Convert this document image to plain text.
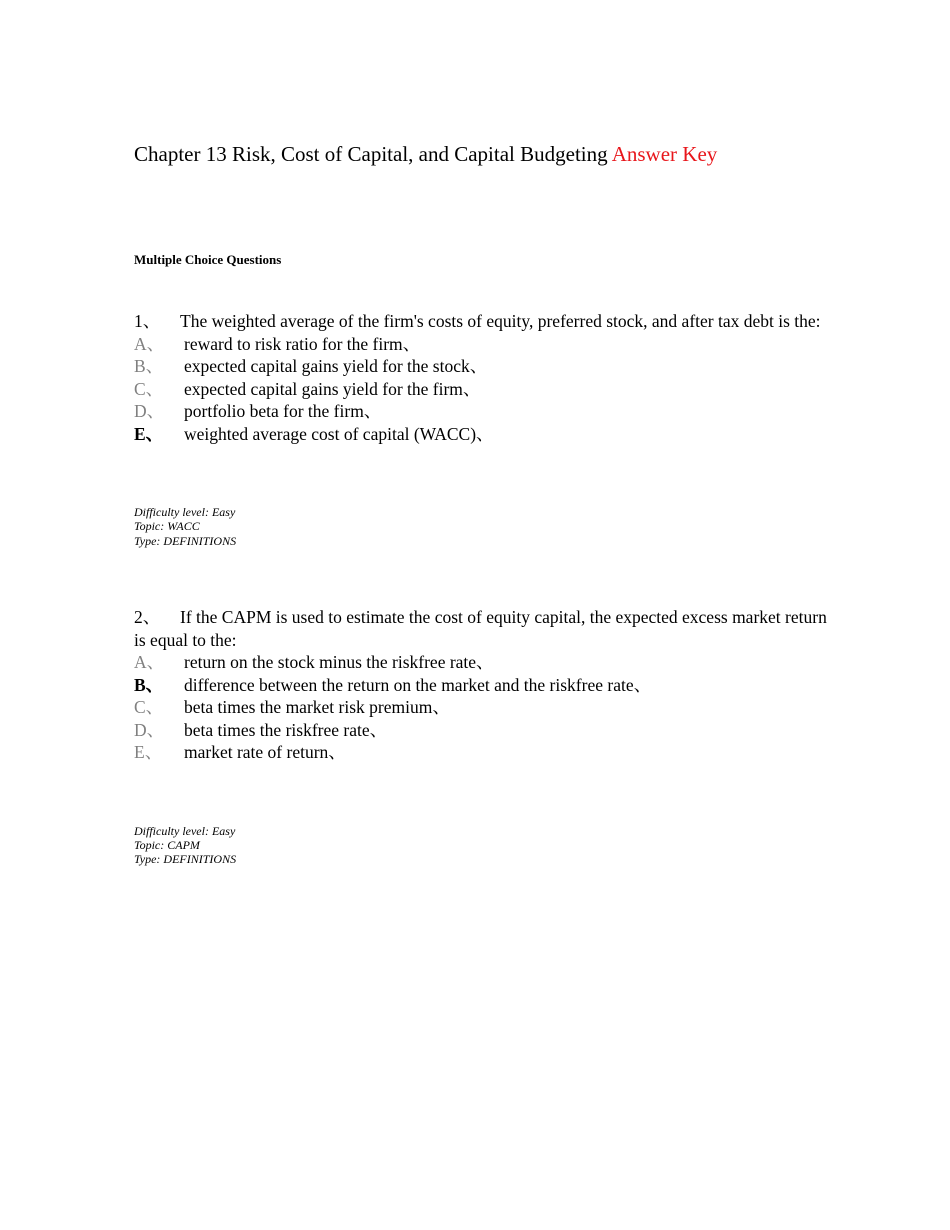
Chapter 13 Risk, Cost of Capital, and Capital Budgeting Answer Key
Multiple Choice Questions

1、 The weighted average of the firm's costs of equity, preferred stock, and after tax debt is the:

A、	reward to risk ratio for the firm、
B、	expected capital gains yield for the stock、
C、	expected capital gains yield for the firm、
D、	portfolio beta for the firm、
E、	weighted average cost of capital (WACC)、
Difficulty level: Easy
Topic: WACC
Type: DEFINITIONS

2、 If the CAPM is used to estimate the cost of equity capital, the expected excess market return is equal to the:

A、	return on the stock minus the riskfree rate、
B、	difference between the return on the market and the riskfree rate、
C、	beta times the market risk premium、
D、	beta times the riskfree rate、
E、	market rate of return、
Difficulty level: Easy
Topic: CAPM
Type: DEFINITIONS
